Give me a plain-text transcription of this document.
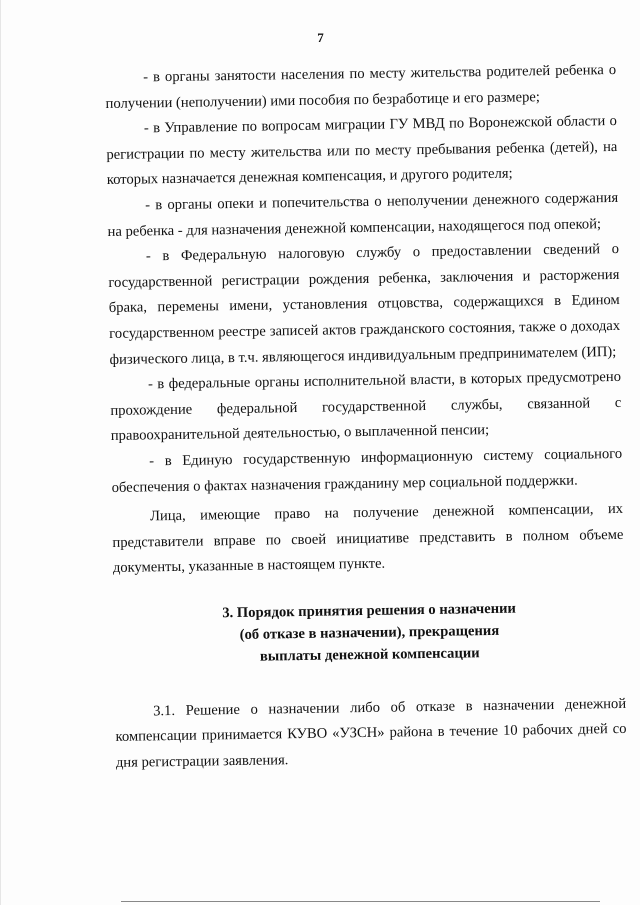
7

- в органы занятости населения по месту жительства родителей ребенка о получении (неполучении) ими пособия по безработице и его размере;

- в Управление по вопросам миграции ГУ МВД по Воронежской области о регистрации по месту жительства или по месту пребывания ребенка (детей), на которых назначается денежная компенсация, и другого родителя;

- в органы опеки и попечительства о неполучении денежного содержания на ребенка - для назначения денежной компенсации, находящегося под опекой;

- в Федеральную налоговую службу о предоставлении сведений о государственной регистрации рождения ребенка, заключения и расторжения брака, перемены имени, установления отцовства, содержащихся в Едином государственном реестре записей актов гражданского состояния, также о доходах физического лица, в т.ч. являющегося индивидуальным предпринимателем (ИП);

- в федеральные органы исполнительной власти, в которых предусмотрено прохождение федеральной государственной службы, связанной с правоохранительной деятельностью, о выплаченной пенсии;

- в Единую государственную информационную систему социального обеспечения о фактах назначения гражданину мер социальной поддержки.

Лица, имеющие право на получение денежной компенсации, их представители вправе по своей инициативе представить в полном объеме документы, указанные в настоящем пункте.

3. Порядок принятия решения о назначении
(об отказе в назначении), прекращения
выплаты денежной компенсации

3.1. Решение о назначении либо об отказе в назначении денежной компенсации принимается КУВО «УЗСН» района в течение 10 рабочих дней со дня регистрации заявления.
